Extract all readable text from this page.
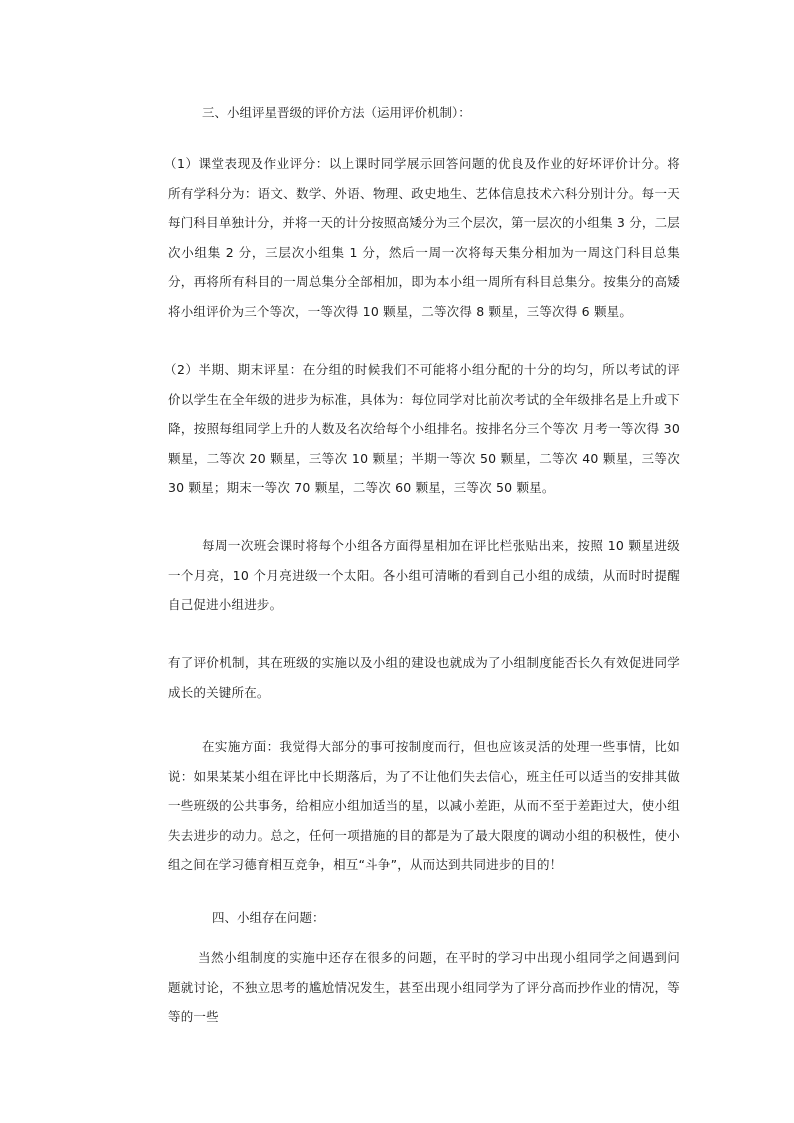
三、小组评星晋级的评价方法（运用评价机制）：

（1）课堂表现及作业评分：以上课时同学展示回答问题的优良及作业的好坏评价计分。将所有学科分为：语文、数学、外语、物理、政史地生、艺体信息技术六科分别计分。每一天每门科目单独计分，并将一天的计分按照高矮分为三个层次，第一层次的小组集 3 分，二层次小组集 2 分，三层次小组集 1 分，然后一周一次将每天集分相加为一周这门科目总集分，再将所有科目的一周总集分全部相加，即为本小组一周所有科目总集分。按集分的高矮将小组评价为三个等次，一等次得 10 颗星，二等次得 8 颗星，三等次得 6 颗星。

（2）半期、期末评星：在分组的时候我们不可能将小组分配的十分的均匀，所以考试的评价以学生在全年级的进步为标准，具体为：每位同学对比前次考试的全年级排名是上升或下降，按照每组同学上升的人数及名次给每个小组排名。按排名分三个等次 月考一等次得 30 颗星，二等次 20 颗星，三等次 10 颗星；半期一等次 50 颗星，二等次 40 颗星，三等次 30 颗星；期末一等次 70 颗星，二等次 60 颗星，三等次 50 颗星。

每周一次班会课时将每个小组各方面得星相加在评比栏张贴出来，按照 10 颗星进级一个月亮，10 个月亮进级一个太阳。各小组可清晰的看到自己小组的成绩，从而时时提醒自己促进小组进步。

有了评价机制，其在班级的实施以及小组的建设也就成为了小组制度能否长久有效促进同学成长的关键所在。

在实施方面：我觉得大部分的事可按制度而行，但也应该灵活的处理一些事情，比如说：如果某某小组在评比中长期落后，为了不让他们失去信心，班主任可以适当的安排其做一些班级的公共事务，给相应小组加适当的星，以减小差距，从而不至于差距过大，使小组失去进步的动力。总之，任何一项措施的目的都是为了最大限度的调动小组的积极性，使小组之间在学习德育相互竞争，相互“斗争”，从而达到共同进步的目的！

四、小组存在问题：

当然小组制度的实施中还存在很多的问题，在平时的学习中出现小组同学之间遇到问题就讨论，不独立思考的尴尬情况发生，甚至出现小组同学为了评分高而抄作业的情况，等等的一些
